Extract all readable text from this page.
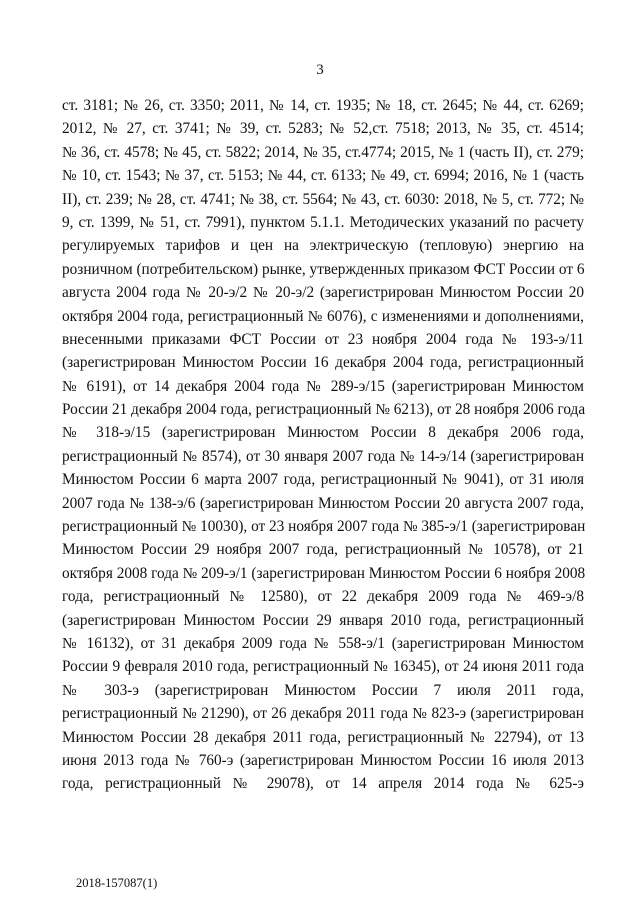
3
ст. 3181; № 26, ст. 3350; 2011, № 14, ст. 1935; № 18, ст. 2645; № 44, ст. 6269;
2012, № 27, ст. 3741; № 39, ст. 5283; № 52,ст. 7518; 2013, № 35, ст. 4514;
№ 36, ст. 4578; № 45, ст. 5822; 2014, № 35, ст.4774; 2015, № 1 (часть II), ст. 279;
№ 10, ст. 1543; № 37, ст. 5153; № 44, ст. 6133; № 49, ст. 6994; 2016, № 1 (часть
II), ст. 239; № 28, ст. 4741; № 38, ст. 5564; № 43, ст. 6030: 2018, № 5, ст. 772; №
9, ст. 1399, № 51, ст. 7991), пунктом 5.1.1. Методических указаний по расчету
регулируемых тарифов и цен на электрическую (тепловую) энергию на
розничном (потребительском) рынке, утвержденных приказом ФСТ России от 6
августа 2004 года № 20-э/2 № 20-э/2 (зарегистрирован Минюстом России 20
октября 2004 года, регистрационный № 6076), с изменениями и дополнениями,
внесенными приказами ФСТ России от 23 ноября 2004 года № 193-э/11
(зарегистрирован Минюстом России 16 декабря 2004 года, регистрационный
№ 6191), от 14 декабря 2004 года № 289-э/15 (зарегистрирован Минюстом
России 21 декабря 2004 года, регистрационный № 6213), от 28 ноября 2006 года
№ 318-э/15 (зарегистрирован Минюстом России 8 декабря 2006 года,
регистрационный № 8574), от 30 января 2007 года № 14-э/14 (зарегистрирован
Минюстом России 6 марта 2007 года, регистрационный № 9041), от 31 июля
2007 года № 138-э/6 (зарегистрирован Минюстом России 20 августа 2007 года,
регистрационный № 10030), от 23 ноября 2007 года № 385-э/1 (зарегистрирован
Минюстом России 29 ноября 2007 года, регистрационный № 10578), от 21
октября 2008 года № 209-э/1 (зарегистрирован Минюстом России 6 ноября 2008
года, регистрационный № 12580), от 22 декабря 2009 года № 469-э/8
(зарегистрирован Минюстом России 29 января 2010 года, регистрационный
№ 16132), от 31 декабря 2009 года № 558-э/1 (зарегистрирован Минюстом
России 9 февраля 2010 года, регистрационный № 16345), от 24 июня 2011 года
№ 303-э (зарегистрирован Минюстом России 7 июля 2011 года,
регистрационный № 21290), от 26 декабря 2011 года № 823-э (зарегистрирован
Минюстом России 28 декабря 2011 года, регистрационный № 22794), от 13
июня 2013 года № 760-э (зарегистрирован Минюстом России 16 июля 2013
года, регистрационный № 29078), от 14 апреля 2014 года № 625-э
2018-157087(1)
